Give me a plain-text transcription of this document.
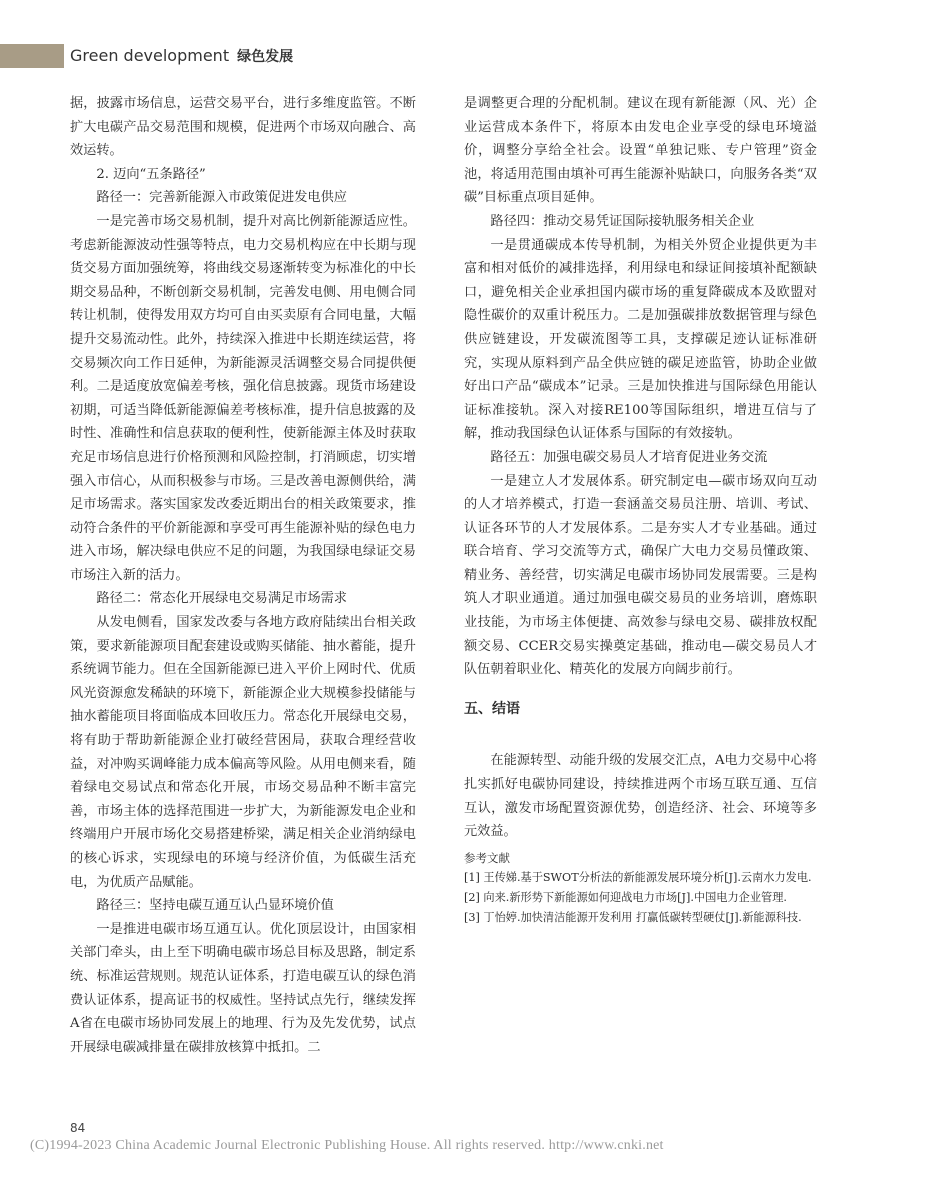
Green development 绿色发展

据，披露市场信息，运营交易平台，进行多维度监管。不断扩大电碳产品交易范围和规模，促进两个市场双向融合、高效运转。

2. 迈向“五条路径”

路径一：完善新能源入市政策促进发电供应

一是完善市场交易机制，提升对高比例新能源适应性。考虑新能源波动性强等特点，电力交易机构应在中长期与现货交易方面加强统筹，将曲线交易逐渐转变为标准化的中长期交易品种，不断创新交易机制，完善发电侧、用电侧合同转让机制，使得发用双方均可自由买卖原有合同电量，大幅提升交易流动性。此外，持续深入推进中长期连续运营，将交易频次向工作日延伸，为新能源灵活调整交易合同提供便利。二是适度放宽偏差考核，强化信息披露。现货市场建设初期，可适当降低新能源偏差考核标准，提升信息披露的及时性、准确性和信息获取的便利性，使新能源主体及时获取充足市场信息进行价格预测和风险控制，打消顾虑，切实增强入市信心，从而积极参与市场。三是改善电源侧供给，满足市场需求。落实国家发改委近期出台的相关政策要求，推动符合条件的平价新能源和享受可再生能源补贴的绿色电力进入市场，解决绿电供应不足的问题，为我国绿电绿证交易市场注入新的活力。

路径二：常态化开展绿电交易满足市场需求

从发电侧看，国家发改委与各地方政府陆续出台相关政策，要求新能源项目配套建设或购买储能、抽水蓄能，提升系统调节能力。但在全国新能源已进入平价上网时代、优质风光资源愈发稀缺的环境下，新能源企业大规模参投储能与抽水蓄能项目将面临成本回收压力。常态化开展绿电交易，将有助于帮助新能源企业打破经营困局，获取合理经营收益，对冲购买调峰能力成本偏高等风险。从用电侧来看，随着绿电交易试点和常态化开展，市场交易品种不断丰富完善，市场主体的选择范围进一步扩大，为新能源发电企业和终端用户开展市场化交易搭建桥梁，满足相关企业消纳绿电的核心诉求，实现绿电的环境与经济价值，为低碳生活充电，为优质产品赋能。

路径三：坚持电碳互通互认凸显环境价值

一是推进电碳市场互通互认。优化顶层设计，由国家相关部门牵头，由上至下明确电碳市场总目标及思路，制定系统、标准运营规则。规范认证体系，打造电碳互认的绿色消费认证体系，提高证书的权威性。坚持试点先行，继续发挥A省在电碳市场协同发展上的地理、行为及先发优势，试点开展绿电碳减排量在碳排放核算中抵扣。二

是调整更合理的分配机制。建议在现有新能源（风、光）企业运营成本条件下，将原本由发电企业享受的绿电环境溢价，调整分享给全社会。设置“单独记账、专户管理”资金池，将适用范围由填补可再生能源补贴缺口，向服务各类“双碳”目标重点项目延伸。

路径四：推动交易凭证国际接轨服务相关企业

一是贯通碳成本传导机制，为相关外贸企业提供更为丰富和相对低价的减排选择，利用绿电和绿证间接填补配额缺口，避免相关企业承担国内碳市场的重复降碳成本及欧盟对隐性碳价的双重计税压力。二是加强碳排放数据管理与绿色供应链建设，开发碳流图等工具，支撑碳足迹认证标准研究，实现从原料到产品全供应链的碳足迹监管，协助企业做好出口产品“碳成本”记录。三是加快推进与国际绿色用能认证标准接轨。深入对接RE100等国际组织，增进互信与了解，推动我国绿色认证体系与国际的有效接轨。

路径五：加强电碳交易员人才培育促进业务交流

一是建立人才发展体系。研究制定电—碳市场双向互动的人才培养模式，打造一套涵盖交易员注册、培训、考试、认证各环节的人才发展体系。二是夯实人才专业基础。通过联合培育、学习交流等方式，确保广大电力交易员懂政策、精业务、善经营，切实满足电碳市场协同发展需要。三是构筑人才职业通道。通过加强电碳交易员的业务培训，磨炼职业技能，为市场主体便捷、高效参与绿电交易、碳排放权配额交易、CCER交易实操奠定基础，推动电—碳交易员人才队伍朝着职业化、精英化的发展方向阔步前行。

五、结语

在能源转型、动能升级的发展交汇点，A电力交易中心将扎实抓好电碳协同建设，持续推进两个市场互联互通、互信互认，激发市场配置资源优势，创造经济、社会、环境等多元效益。

参考文献

[1] 王传娣.基于SWOT分析法的新能源发展环境分析[J].云南水力发电.

[2] 向来.新形势下新能源如何迎战电力市场[J].中国电力企业管理.

[3] 丁怡婷.加快清洁能源开发利用 打赢低碳转型硬仗[J].新能源科技.

84
(C)1994-2023 China Academic Journal Electronic Publishing House. All rights reserved. http://www.cnki.net
